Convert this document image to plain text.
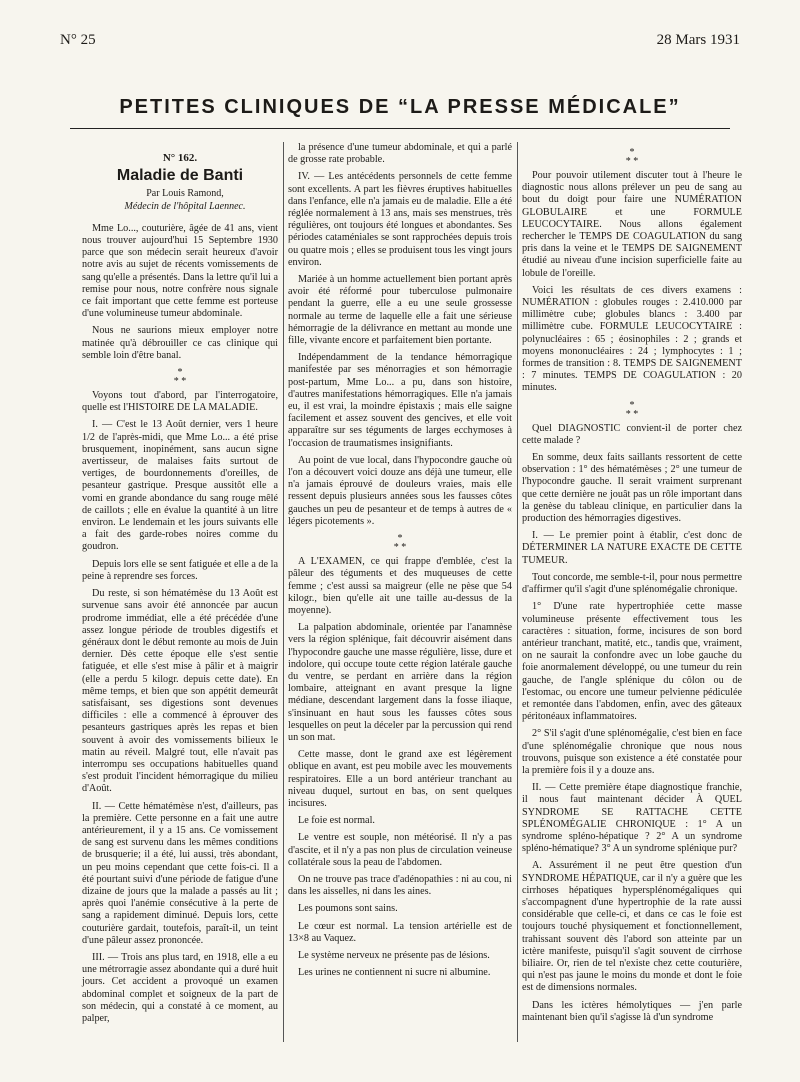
N° 25	28 Mars 1931
PETITES CLINIQUES DE “LA PRESSE MÉDICALE”
N° 162.
Maladie de Banti

Par Louis Ramond,

Médecin de l'hôpital Laennec.

Mme Lo..., couturière, âgée de 41 ans, vient nous trouver aujourd'hui 15 Septembre 1930 parce que son médecin serait heureux d'avoir notre avis au sujet de récents vomissements de sang qu'elle a présentés. Dans la lettre qu'il lui a remise pour nous, notre confrère nous signale ce fait important que cette femme est porteuse d'une volumineuse tumeur abdominale.

Nous ne saurions mieux employer notre matinée qu'à débrouiller ce cas clinique qui semble loin d'être banal.

*
* *

Voyons tout d'abord, par l'interrogatoire, quelle est l'HISTOIRE DE LA MALADIE.

I. — C'est le 13 Août dernier, vers 1 heure 1/2 de l'après-midi, que Mme Lo... a été prise brusquement, inopinément, sans aucun signe avertisseur, de malaises faits surtout de vertiges, de bourdonnements d'oreilles, de pesanteur gastrique. Presque aussitôt elle a vomi en grande abondance du sang rouge mêlé de caillots ; elle en évalue la quantité à un litre environ. Le lendemain et les jours suivants elle a fait des garde-robes noires comme du goudron.

Depuis lors elle se sent fatiguée et elle a de la peine à reprendre ses forces.

Du reste, si son hématémèse du 13 Août est survenue sans avoir été annoncée par aucun prodrome immédiat, elle a été précédée d'une assez longue période de troubles digestifs et généraux dont le début remonte au mois de Juin dernier. Dès cette époque elle s'est sentie fatiguée, et elle s'est mise à pâlir et à maigrir (elle a perdu 5 kilogr. depuis cette date). En même temps, et bien que son appétit demeurât satisfaisant, ses digestions sont devenues difficiles : elle a commencé à éprouver des pesanteurs gastriques après les repas et bien souvent à avoir des vomissements bilieux le matin au réveil. Malgré tout, elle n'avait pas interrompu ses occupations habituelles quand s'est produit l'incident hémorragique du milieu d'Août.

II. — Cette hématémèse n'est, d'ailleurs, pas la première. Cette personne en a fait une autre antérieurement, il y a 15 ans. Ce vomissement de sang est survenu dans les mêmes conditions de brusquerie; il a été, lui aussi, très abondant, un peu moins cependant que cette fois-ci. Il a été pourtant suivi d'une période de fatigue d'une dizaine de jours que la malade a passés au lit ; après quoi l'anémie consécutive à la perte de sang a rapidement diminué. Depuis lors, cette couturière gardait, toutefois, paraît-il, un teint d'une pâleur assez prononcée.

III. — Trois ans plus tard, en 1918, elle a eu une métrorragie assez abondante qui a duré huit jours. Cet accident a provoqué un examen abdominal complet et soigneux de la part de son médecin, qui a constaté à ce moment, au palper,

la présence d'une tumeur abdominale, et qui a parlé de grosse rate probable.

IV. — Les antécédents personnels de cette femme sont excellents. A part les fièvres éruptives habituelles dans l'enfance, elle n'a jamais eu de maladie. Elle a été réglée normalement à 13 ans, mais ses menstrues, très régulières, ont toujours été longues et abondantes. Ses périodes cataméniales se sont rapprochées depuis trois ou quatre mois ; elles se produisent tous les vingt jours environ.

Mariée à un homme actuellement bien portant après avoir été réformé pour tuberculose pulmonaire pendant la guerre, elle a eu une seule grossesse normale au terme de laquelle elle a fait une sérieuse hémorragie de la délivrance en mettant au monde une fille, vivante encore et parfaitement bien portante.

Indépendamment de la tendance hémorragique manifestée par ses ménorragies et son hémorragie post-partum, Mme Lo... a pu, dans son histoire, d'autres manifestations hémorragiques. Elle n'a jamais eu, il est vrai, la moindre épistaxis ; mais elle saigne facilement et assez souvent des gencives, et elle voit apparaître sur ses téguments de larges ecchymoses à l'occasion de traumatismes insignifiants.

Au point de vue local, dans l'hypocondre gauche où l'on a découvert voici douze ans déjà une tumeur, elle n'a jamais éprouvé de douleurs vraies, mais elle ressent depuis plusieurs années sous les fausses côtes gauches un peu de pesanteur et de temps à autres de « légers picotements ».

*
* *

A L'EXAMEN, ce qui frappe d'emblée, c'est la pâleur des téguments et des muqueuses de cette femme ; c'est aussi sa maigreur (elle ne pèse que 54 kilogr., bien qu'elle ait une taille au-dessus de la moyenne).

La palpation abdominale, orientée par l'anamnèse vers la région splénique, fait découvrir aisément dans l'hypocondre gauche une masse régulière, lisse, dure et indolore, qui occupe toute cette région latérale gauche du ventre, se perdant en arrière dans la région lombaire, atteignant en avant presque la ligne médiane, descendant largement dans la fosse iliaque, s'insinuant en haut sous les fausses côtes sous lesquelles on peut la déceler par la percussion qui rend un son mat.

Cette masse, dont le grand axe est légèrement oblique en avant, est peu mobile avec les mouvements respiratoires. Elle a un bord antérieur tranchant au niveau duquel, surtout en bas, on sent quelques incisures.

Le foie est normal.

Le ventre est souple, non météorisé. Il n'y a pas d'ascite, et il n'y a pas non plus de circulation veineuse collatérale sous la peau de l'abdomen.

On ne trouve pas trace d'adénopathies : ni au cou, ni dans les aisselles, ni dans les aines.

Les poumons sont sains.

Le cœur est normal. La tension artérielle est de 13×8 au Vaquez.

Le système nerveux ne présente pas de lésions.

Les urines ne contiennent ni sucre ni albumine.

*
* *

Pour pouvoir utilement discuter tout à l'heure le diagnostic nous allons prélever un peu de sang au bout du doigt pour faire une NUMÉRATION GLOBULAIRE et une FORMULE LEUCOCYTAIRE. Nous allons également rechercher le TEMPS DE COAGULATION du sang pris dans la veine et le TEMPS DE SAIGNEMENT étudié au niveau d'une incision superficielle faite au lobule de l'oreille.

Voici les résultats de ces divers examens : NUMÉRATION : globules rouges : 2.410.000 par millimètre cube; globules blancs : 3.400 par millimètre cube. FORMULE LEUCOCYTAIRE : polynucléaires : 65 ; éosinophiles : 2 ; grands et moyens mononucléaires : 24 ; lymphocytes : 1 ; formes de transition : 8. TEMPS DE SAIGNEMENT : 7 minutes. TEMPS DE COAGULATION : 20 minutes.

*
* *

Quel DIAGNOSTIC convient-il de porter chez cette malade ?

En somme, deux faits saillants ressortent de cette observation : 1° des hématémèses ; 2° une tumeur de l'hypocondre gauche. Il serait vraiment surprenant que cette dernière ne jouât pas un rôle important dans la genèse du tableau clinique, en particulier dans la production des hémorragies digestives.

I. — Le premier point à établir, c'est donc de DÉTERMINER LA NATURE EXACTE DE CETTE TUMEUR.

Tout concorde, me semble-t-il, pour nous permettre d'affirmer qu'il s'agit d'une splénomégalie chronique.

1° D'une rate hypertrophiée cette masse volumineuse présente effectivement tous les caractères : situation, forme, incisures de son bord antérieur tranchant, matité, etc., tandis que, vraiment, on ne saurait la confondre avec un lobe gauche du foie anormalement développé, ou une tumeur du rein gauche, de l'angle splénique du côlon ou de l'estomac, ou encore une tumeur pelvienne pédiculée et remontée dans l'abdomen, enfin, avec des gâteaux péritonéaux inflammatoires.

2° S'il s'agit d'une splénomégalie, c'est bien en face d'une splénomégalie chronique que nous nous trouvons, puisque son existence a été constatée pour la première fois il y a douze ans.

II. — Cette première étape diagnostique franchie, il nous faut maintenant décider À QUEL SYNDROME SE RATTACHE CETTE SPLÉNOMÉGALIE CHRONIQUE : 1° A un syndrome spléno-hépatique ? 2° A un syndrome spléno-hématique? 3° A un syndrome splénique pur?

A. Assurément il ne peut être question d'un SYNDROME HÉPATIQUE, car il n'y a guère que les cirrhoses hépatiques hypersplénomégaliques qui s'accompagnent d'une hypertrophie de la rate aussi considérable que celle-ci, et dans ce cas le foie est toujours touché physiquement et fonctionnellement, trahissant souvent dès l'abord son atteinte par un ictère manifeste, puisqu'il s'agit souvent de cirrhose biliaire. Or, rien de tel n'existe chez cette couturière, qui n'est pas jaune le moins du monde et dont le foie est de dimensions normales.

Dans les ictères hémolytiques — j'en parle maintenant bien qu'il s'agisse là d'un syndrome
